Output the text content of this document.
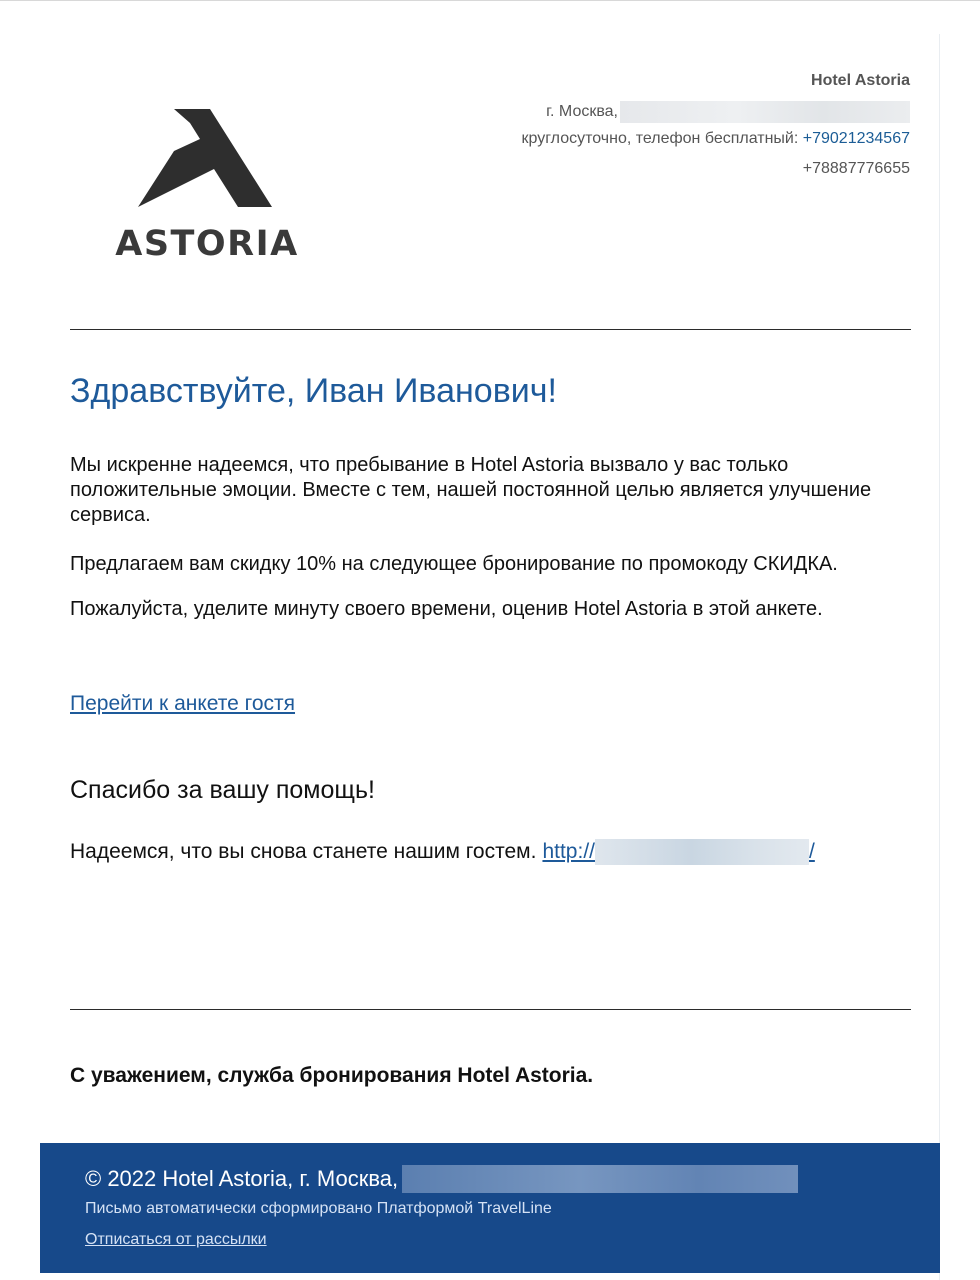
ASTORIA
Hotel Astoria
г. Москва,
круглосуточно, телефон бесплатный: +79021234567
+78887776655
Здравствуйте, Иван Иванович!
Мы искренне надеемся, что пребывание в Hotel Astoria вызвало у вас только положительные эмоции. Вместе с тем, нашей постоянной целью является улучшение сервиса.
Предлагаем вам скидку 10% на следующее бронирование по промокоду СКИДКА.
Пожалуйста, уделите минуту своего времени, оценив Hotel Astoria в этой анкете.
Перейти к анкете гостя
Спасибо за вашу помощь!
Надеемся, что вы снова станете нашим гостем. http://	/
С уважением, служба бронирования Hotel Astoria.
© 2022 Hotel Astoria, г. Москва,
Письмо автоматически сформировано Платформой TravelLine
Отписаться от рассылки
